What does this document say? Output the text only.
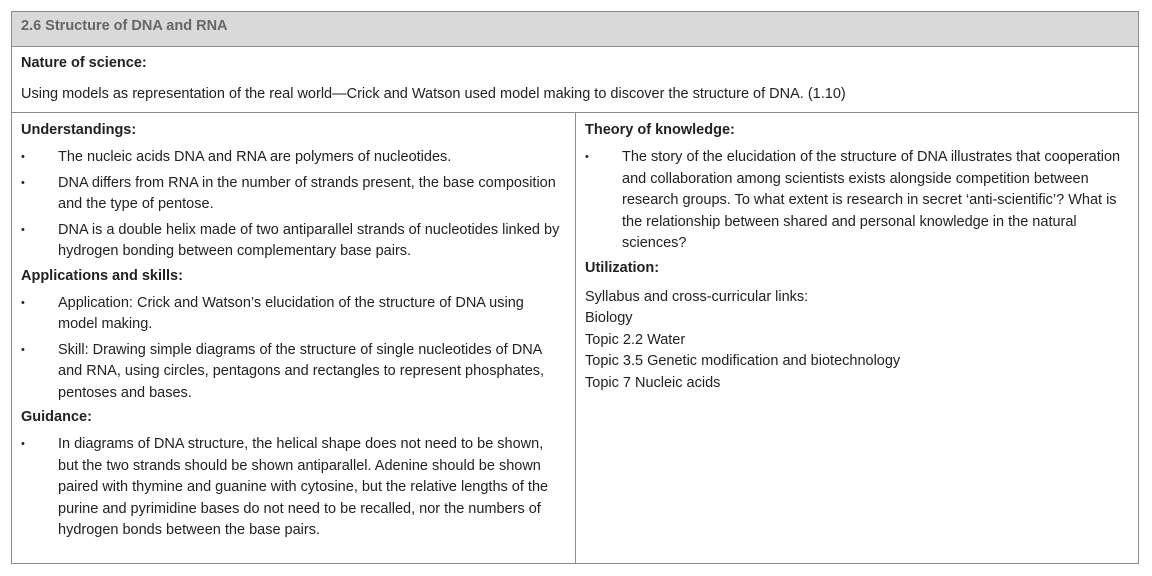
2.6 Structure of DNA and RNA
Nature of science:
Using models as representation of the real world—Crick and Watson used model making to discover the structure of DNA. (1.10)
Understandings:
• The nucleic acids DNA and RNA are polymers of nucleotides.
• DNA differs from RNA in the number of strands present, the base composition and the type of pentose.
• DNA is a double helix made of two antiparallel strands of nucleotides linked by hydrogen bonding between complementary base pairs.
Applications and skills:
• Application: Crick and Watson’s elucidation of the structure of DNA using model making.
• Skill: Drawing simple diagrams of the structure of single nucleotides of DNA and RNA, using circles, pentagons and rectangles to represent phosphates, pentoses and bases.
Guidance:
• In diagrams of DNA structure, the helical shape does not need to be shown, but the two strands should be shown antiparallel. Adenine should be shown paired with thymine and guanine with cytosine, but the relative lengths of the purine and pyrimidine bases do not need to be recalled, nor the numbers of hydrogen bonds between the base pairs.
Theory of knowledge:
• The story of the elucidation of the structure of DNA illustrates that cooperation and collaboration among scientists exists alongside competition between research groups. To what extent is research in secret ‘anti-scientific’? What is the relationship between shared and personal knowledge in the natural sciences?
Utilization:
Syllabus and cross-curricular links:
Biology
Topic 2.2 Water
Topic 3.5 Genetic modification and biotechnology
Topic 7 Nucleic acids
